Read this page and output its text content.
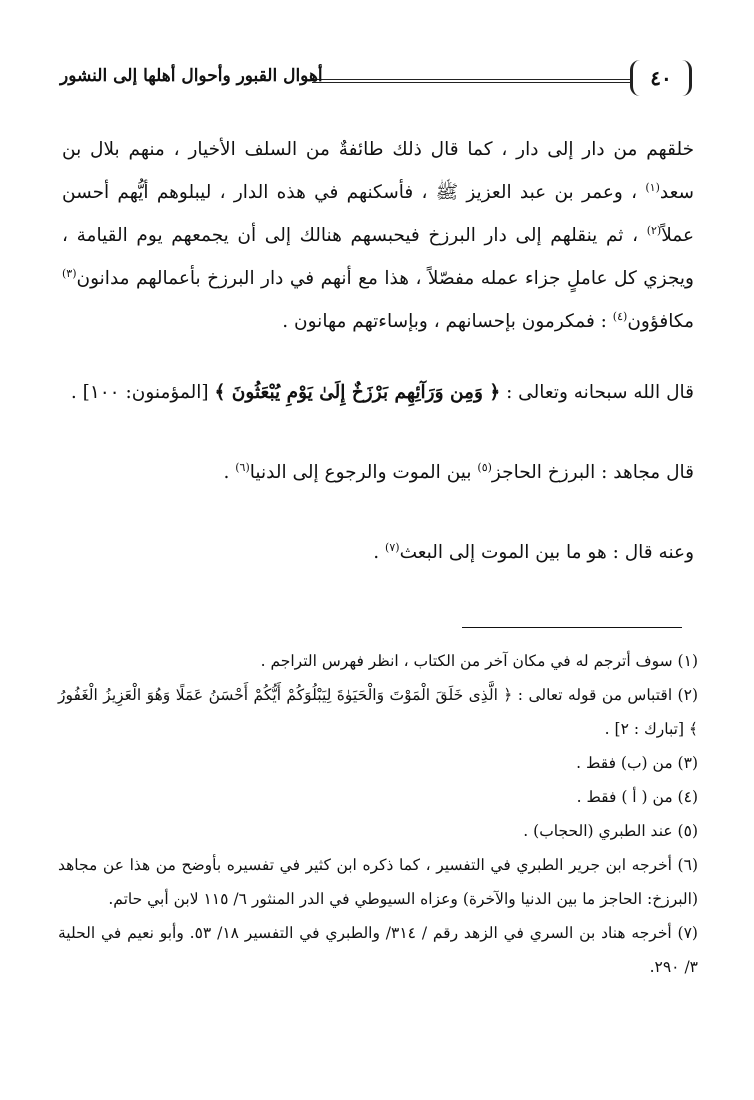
٤٠
أهوال القبور وأحوال أهلها إلى النشور

خلقهم من دار إلى دار ، كما قال ذلك طائفةٌ من السلف الأخيار ، منهم بلال بن سعد$^{(١)}$ ، وعمر بن عبد العزيز ﷺ ، فأسكنهم في هذه الدار ، ليبلوهم أيُّهم أحسن عملاً$^{(٢)}$ ، ثم ينقلهم إلى دار البرزخ فيحبسهم هنالك إلى أن يجمعهم يوم القيامة ، ويجزي كل عاملٍ جزاء عمله مفصّلاً ، هذا مع أنهم في دار البرزخ بأعمالهم مدانون$^{(٣)}$ مكافؤون$^{(٤)}$ : فمكرمون بإحسانهم ، وبإساءتهم مهانون .

قال الله سبحانه وتعالى : ﴿ وَمِن وَرَآئِهِم بَرْزَخٌ إِلَىٰ يَوْمِ يُبْعَثُونَ ﴾ [المؤمنون: ١٠٠] .

قال مجاهد : البرزخ الحاجز$^{(٥)}$ بين الموت والرجوع إلى الدنيا$^{(٦)}$ .

وعنه قال : هو ما بين الموت إلى البعث$^{(٧)}$ .

(١) سوف أترجم له في مكان آخر من الكتاب ، انظر فهرس التراجم .

(٢) اقتباس من قوله تعالى : ﴿ الَّذِى خَلَقَ الْمَوْتَ وَالْحَيَوٰةَ لِيَبْلُوَكُمْ أَيُّكُمْ أَحْسَنُ عَمَلًا وَهُوَ الْعَزِيزُ الْغَفُورُ ﴾ [تبارك : ٢] .

(٣) من (ب) فقط .

(٤) من ( أ ) فقط .

(٥) عند الطبري (الحجاب) .

(٦) أخرجه ابن جرير الطبري في التفسير ، كما ذكره ابن كثير في تفسيره بأوضح من هذا عن مجاهد (البرزخ: الحاجز ما بين الدنيا والآخرة) وعزاه السيوطي في الدر المنثور ٦/ ١١٥ لابن أبي حاتم.

(٧) أخرجه هناد بن السري في الزهد رقم / ٣١٤/ والطبري في التفسير ١٨/ ٥٣. وأبو نعيم في الحلية ٣/ ٢٩٠.
